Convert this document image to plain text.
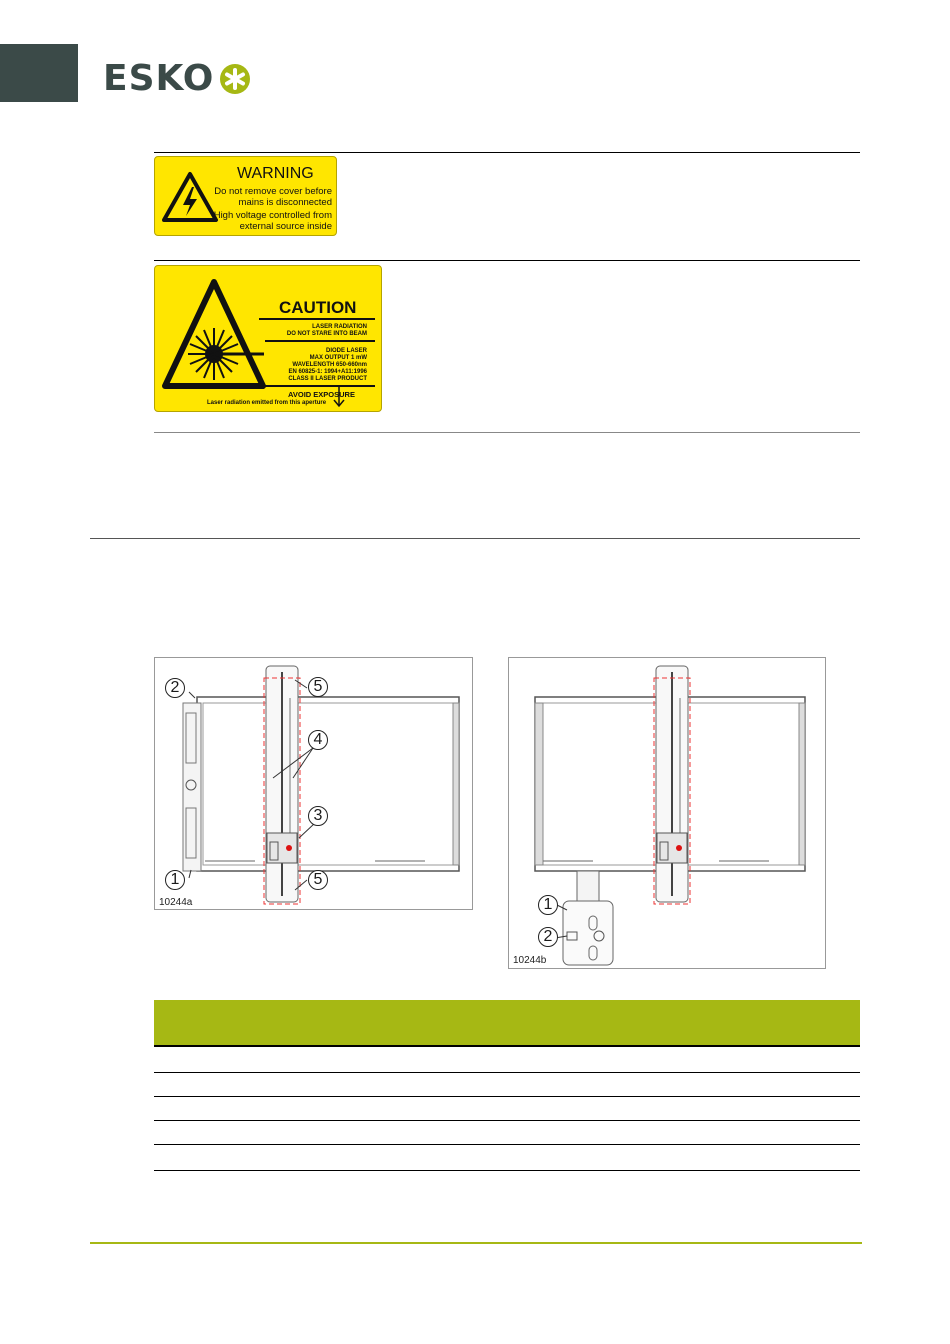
ESKO
WARNING
Do not remove cover before
mains is disconnected
High voltage controlled from
external source inside
CAUTION
LASER RADIATION
DO NOT STARE INTO BEAM
DIODE LASER
MAX OUTPUT 1 mW
WAVELENGTH 650-660nm
EN 60825-1: 1994+A11:1996
CLASS II LASER PRODUCT
AVOID EXPOSURE
Laser radiation emitted from this aperture
1
2
3
4
5
5
10244a	1
2
10244b
